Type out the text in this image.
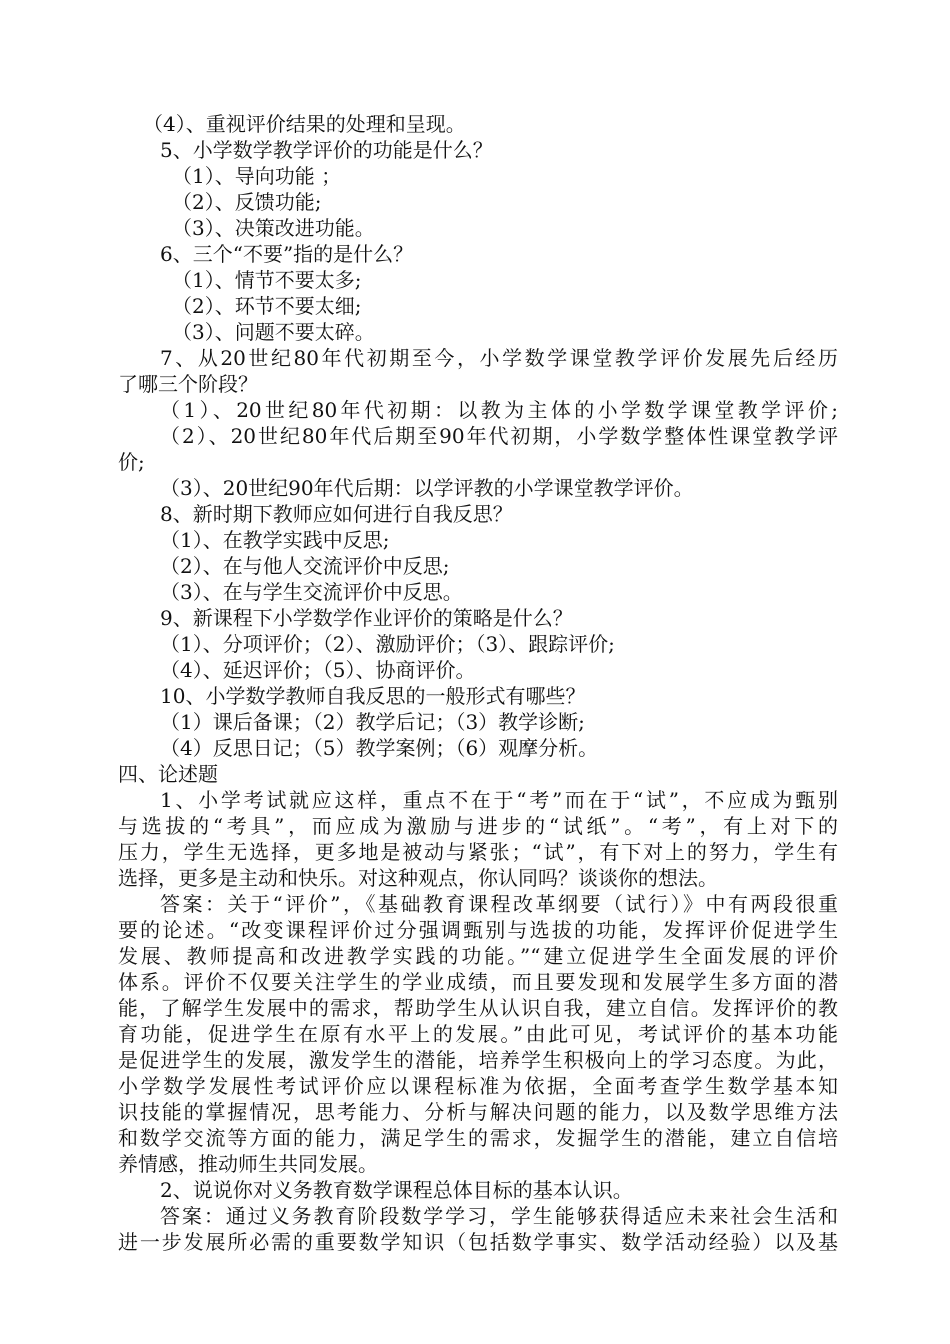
（4）、重视评价结果的处理和呈现。
5、小学数学教学评价的功能是什么？
（1）、导向功能 ；
（2）、反馈功能;
（3）、决策改进功能。
6、三个“不要”指的是什么？
（1）、情节不要太多;
（2）、环节不要太细;
（3）、问题不要太碎。
7、从20世纪80年代初期至今，小学数学课堂教学评价发展先后经历
了哪三个阶段？
（1）、20世纪80年代初期：以教为主体的小学数学课堂教学评价;
（2）、20世纪80年代后期至90年代初期，小学数学整体性课堂教学评
价;
（3）、20世纪90年代后期：以学评教的小学课堂教学评价。
8、新时期下教师应如何进行自我反思？
（1）、在教学实践中反思;
（2）、在与他人交流评价中反思;
（3）、在与学生交流评价中反思。
9、新课程下小学数学作业评价的策略是什么？
（1）、分项评价；（2）、激励评价；（3）、跟踪评价;
（4）、延迟评价；（5）、协商评价。
10、小学数学教师自我反思的一般形式有哪些？
（1）课后备课；（2）教学后记；（3）教学诊断;
（4）反思日记；（5）教学案例；（6）观摩分析。
四、论述题
1、小学考试就应这样，重点不在于“考”而在于“试”，不应成为甄别
与选拔的“考具”，而应成为激励与进步的“试纸”。“考”，有上对下的
压力，学生无选择，更多地是被动与紧张；“试”，有下对上的努力，学生有
选择，更多是主动和快乐。对这种观点，你认同吗？谈谈你的想法。
答案：关于“评价”，《基础教育课程改革纲要（试行）》中有两段很重
要的论述。“改变课程评价过分强调甄别与选拔的功能，发挥评价促进学生
发展、教师提高和改进教学实践的功能。”“建立促进学生全面发展的评价
体系。评价不仅要关注学生的学业成绩，而且要发现和发展学生多方面的潜
能，了解学生发展中的需求，帮助学生从认识自我，建立自信。发挥评价的教
育功能，促进学生在原有水平上的发展。”由此可见，考试评价的基本功能
是促进学生的发展，激发学生的潜能，培养学生积极向上的学习态度。为此，
小学数学发展性考试评价应以课程标准为依据，全面考查学生数学基本知
识技能的掌握情况，思考能力、分析与解决问题的能力，以及数学思维方法
和数学交流等方面的能力，满足学生的需求，发掘学生的潜能，建立自信培
养情感，推动师生共同发展。
2、说说你对义务教育数学课程总体目标的基本认识。
答案：通过义务教育阶段数学学习，学生能够获得适应未来社会生活和
进一步发展所必需的重要数学知识（包括数学事实、数学活动经验）以及基
